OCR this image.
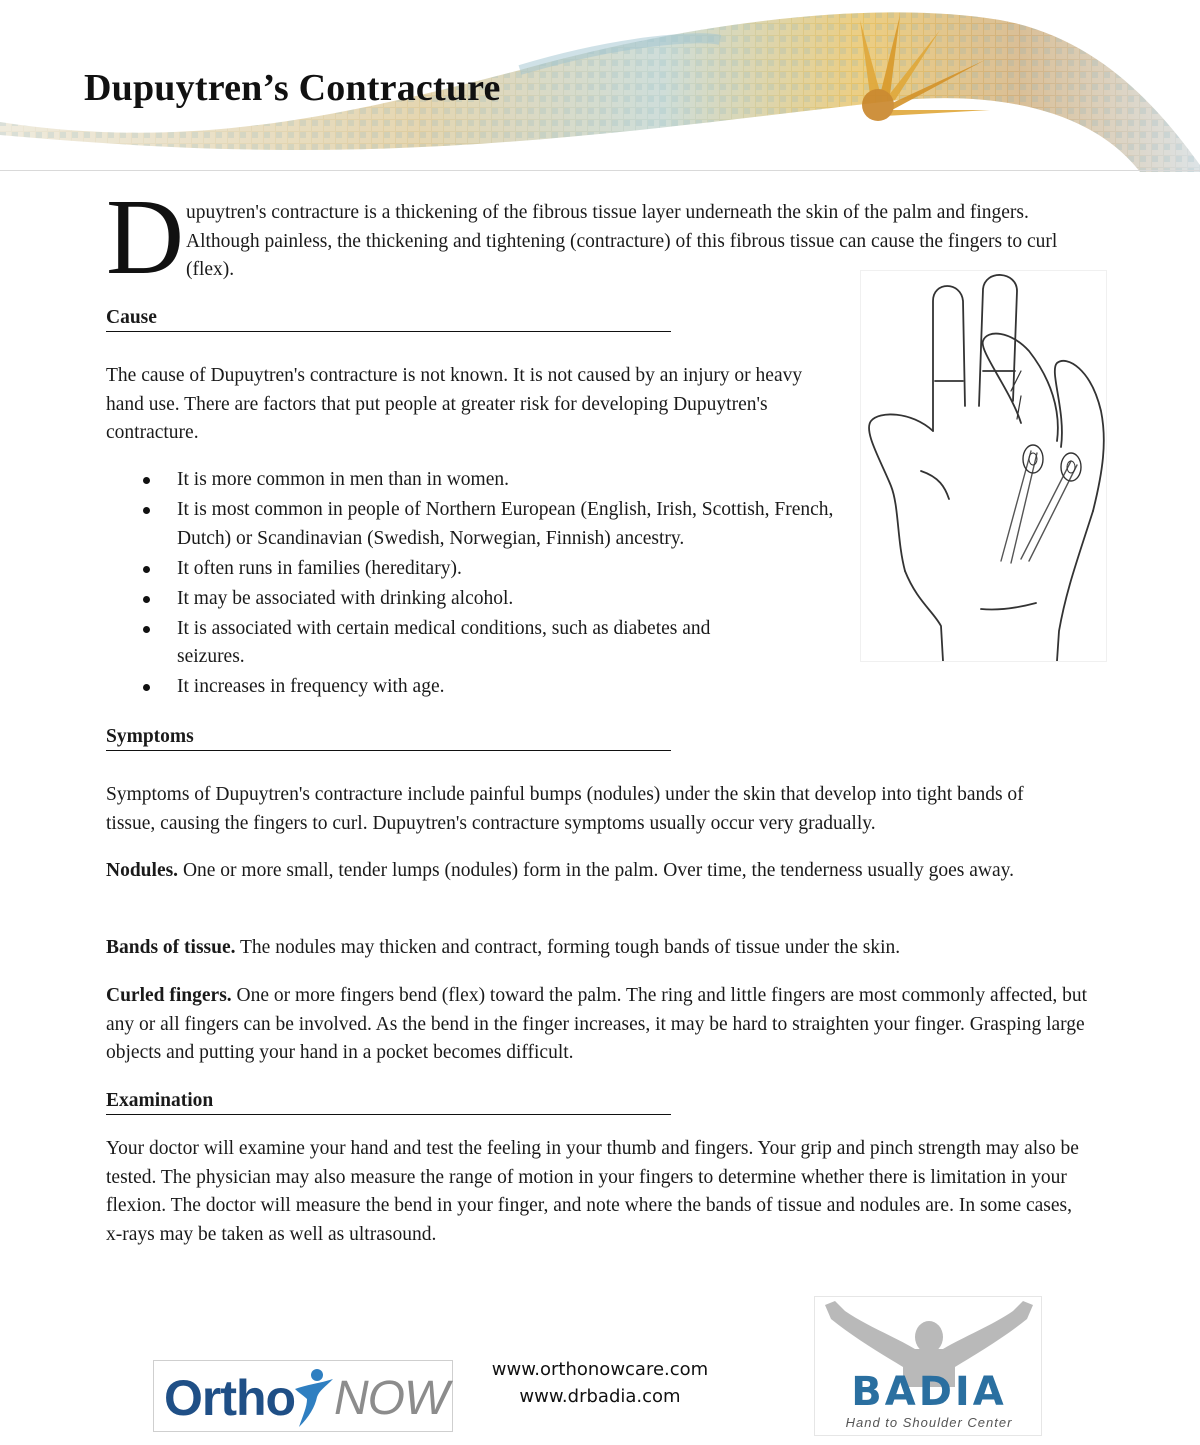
Dupuytren’s Contracture
D upuytren's contracture is a thickening of the fibrous tissue layer underneath the skin of the palm and fingers. Although painless, the thickening and tightening (contracture) of this fibrous tissue can cause the fingers to curl (flex).
Cause
The cause of Dupuytren's contracture is not known. It is not caused by an injury or heavy hand use. There are factors that put people at greater risk for developing Dupuytren's contracture.
It is more common in men than in women.
It is most common in people of Northern European (English, Irish, Scottish, French, Dutch) or Scandinavian (Swedish, Norwegian, Finnish) ancestry.
It often runs in families (hereditary).
It may be associated with drinking alcohol.
It is associated with certain medical conditions, such as diabetes and seizures.
It increases in frequency with age.
Symptoms
Symptoms of Dupuytren's contracture include painful bumps (nodules) under the skin that develop into tight bands of tissue, causing the fingers to curl. Dupuytren's contracture symptoms usually occur very gradually.
Nodules. One or more small, tender lumps (nodules) form in the palm. Over time, the tenderness usually goes away.
Bands of tissue. The nodules may thicken and contract, forming tough bands of tissue under the skin.
Curled fingers. One or more fingers bend (flex) toward the palm. The ring and little fingers are most commonly affected, but any or all fingers can be involved. As the bend in the finger increases, it may be hard to straighten your finger. Grasping large objects and putting your hand in a pocket becomes difficult.
Examination
Your doctor will examine your hand and test the feeling in your thumb and fingers. Your grip and pinch strength may also be tested. The physician may also measure the range of motion in your fingers to determine whether there is limitation in your flexion. The doctor will measure the bend in your finger, and note where the bands of tissue and nodules are. In some cases, x-rays may be taken as well as ultrasound.
Ortho NOW
www.orthonowcare.com
www.drbadia.com	BADIA
Hand to Shoulder Center
